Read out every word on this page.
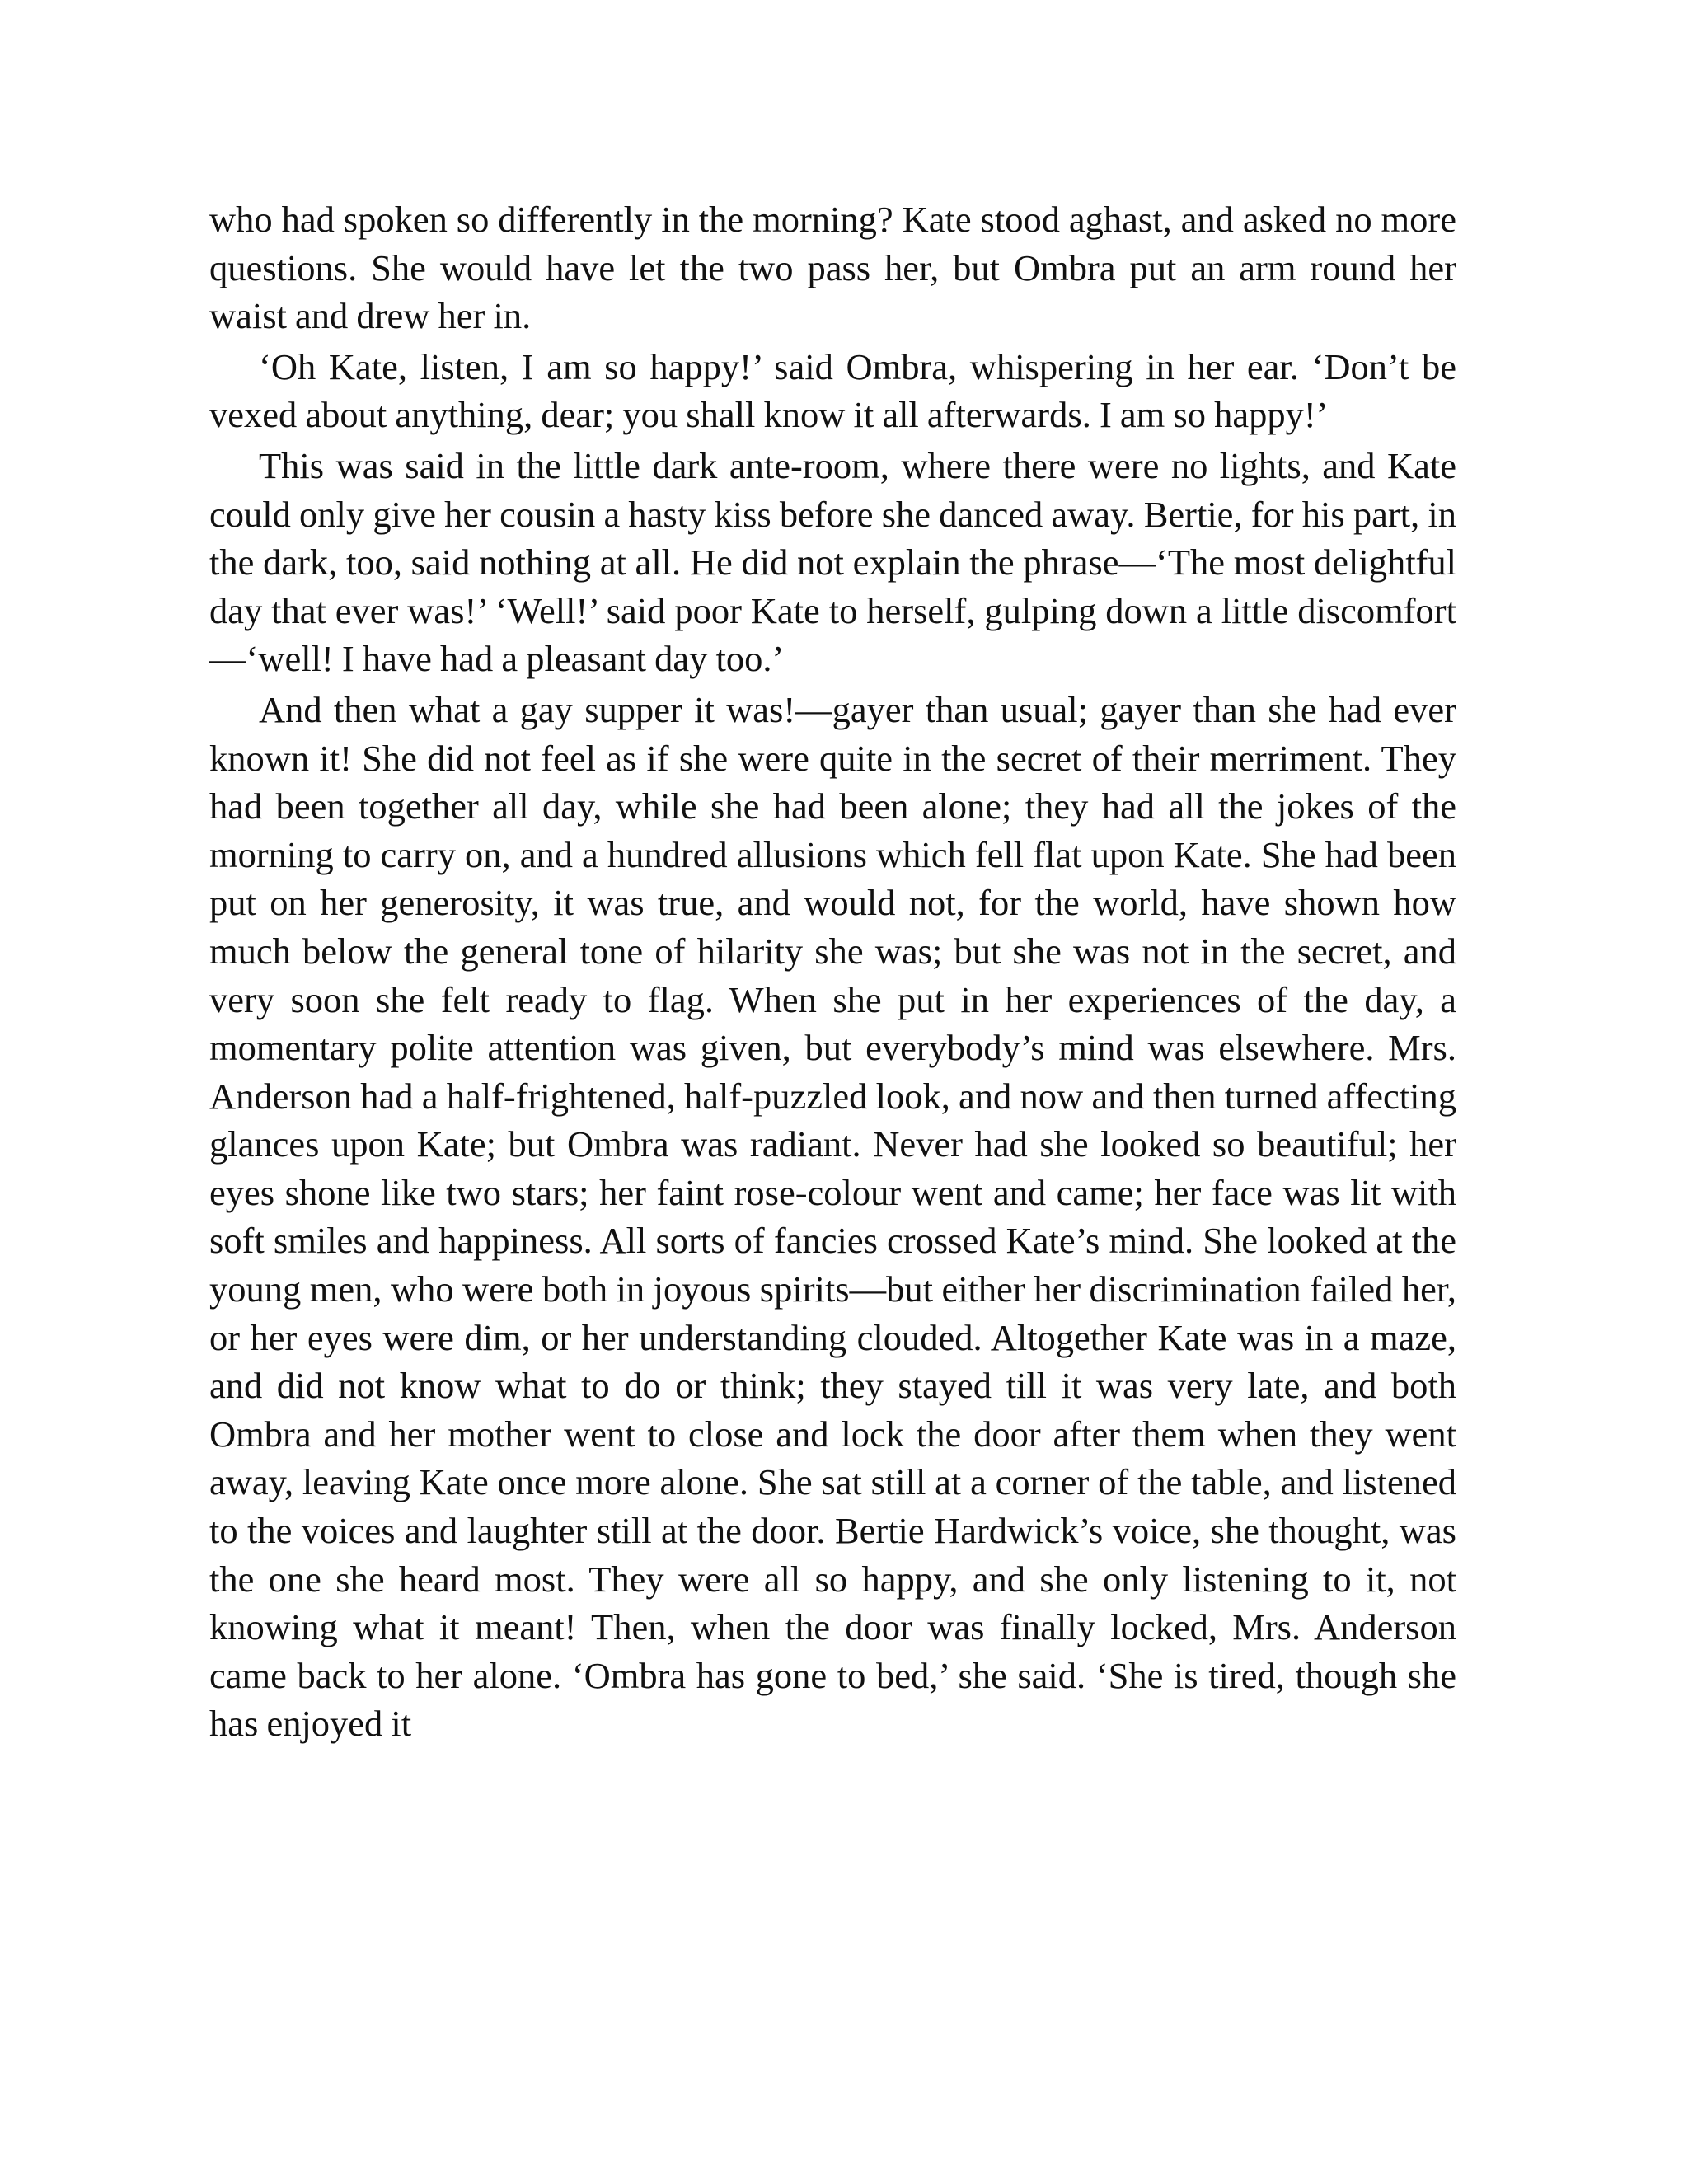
who had spoken so differently in the morning? Kate stood aghast, and asked no more questions. She would have let the two pass her, but Ombra put an arm round her waist and drew her in.

‘Oh Kate, listen, I am so happy!’ said Ombra, whispering in her ear. ‘Don’t be vexed about anything, dear; you shall know it all afterwards. I am so happy!’

This was said in the little dark ante-room, where there were no lights, and Kate could only give her cousin a hasty kiss before she danced away. Bertie, for his part, in the dark, too, said nothing at all. He did not explain the phrase—‘The most delightful day that ever was!’ ‘Well!’ said poor Kate to herself, gulping down a little discomfort—‘well! I have had a pleasant day too.’

And then what a gay supper it was!—gayer than usual; gayer than she had ever known it! She did not feel as if she were quite in the secret of their merriment. They had been together all day, while she had been alone; they had all the jokes of the morning to carry on, and a hundred allusions which fell flat upon Kate. She had been put on her generosity, it was true, and would not, for the world, have shown how much below the general tone of hilarity she was; but she was not in the secret, and very soon she felt ready to flag. When she put in her experiences of the day, a momentary polite attention was given, but everybody’s mind was elsewhere. Mrs. Anderson had a half-frightened, half-puzzled look, and now and then turned affecting glances upon Kate; but Ombra was radiant. Never had she looked so beautiful; her eyes shone like two stars; her faint rose-colour went and came; her face was lit with soft smiles and happiness. All sorts of fancies crossed Kate’s mind. She looked at the young men, who were both in joyous spirits—but either her discrimination failed her, or her eyes were dim, or her understanding clouded. Altogether Kate was in a maze, and did not know what to do or think; they stayed till it was very late, and both Ombra and her mother went to close and lock the door after them when they went away, leaving Kate once more alone. She sat still at a corner of the table, and listened to the voices and laughter still at the door. Bertie Hardwick’s voice, she thought, was the one she heard most. They were all so happy, and she only listening to it, not knowing what it meant! Then, when the door was finally locked, Mrs. Anderson came back to her alone. ‘Ombra has gone to bed,’ she said. ‘She is tired, though she has enjoyed it
